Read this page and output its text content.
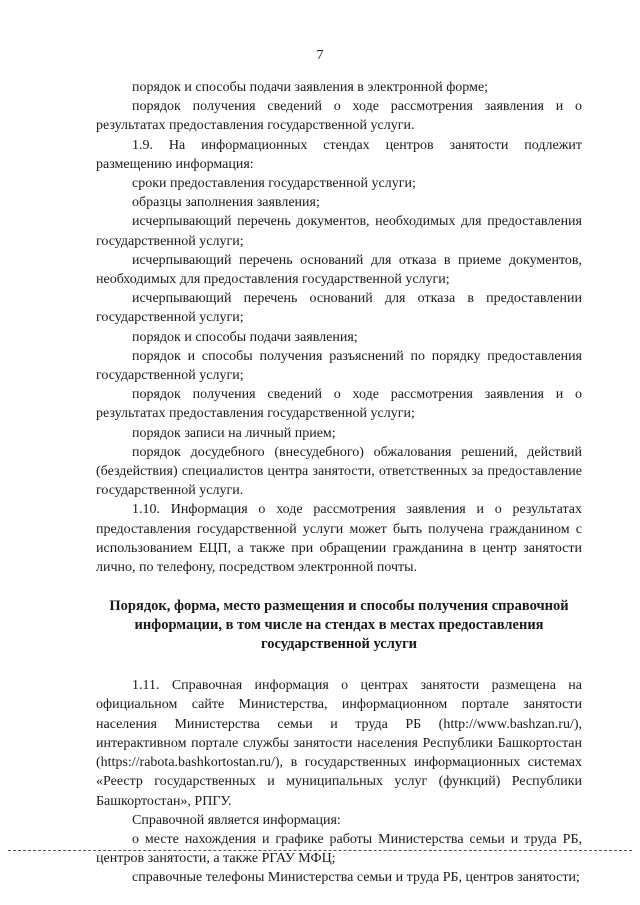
7

порядок и способы подачи заявления в электронной форме;

порядок получения сведений о ходе рассмотрения заявления и о результатах предоставления государственной услуги.

1.9. На информационных стендах центров занятости подлежит размещению информация:

сроки предоставления государственной услуги;

образцы заполнения заявления;

исчерпывающий перечень документов, необходимых для предоставления государственной услуги;

исчерпывающий перечень оснований для отказа в приеме документов, необходимых для предоставления государственной услуги;

исчерпывающий перечень оснований для отказа в предоставлении государственной услуги;

порядок и способы подачи заявления;

порядок и способы получения разъяснений по порядку предоставления государственной услуги;

порядок получения сведений о ходе рассмотрения заявления и о результатах предоставления государственной услуги;

порядок записи на личный прием;

порядок досудебного (внесудебного) обжалования решений, действий (бездействия) специалистов центра занятости, ответственных за предоставление государственной услуги.

1.10. Информация о ходе рассмотрения заявления и о результатах предоставления государственной услуги может быть получена гражданином с использованием ЕЦП, а также при обращении гражданина в центр занятости лично, по телефону, посредством электронной почты.

Порядок, форма, место размещения и способы получения справочной
информации, в том числе на стендах в местах предоставления
государственной услуги

1.11. Справочная информация о центрах занятости размещена на официальном сайте Министерства, информационном портале занятости населения Министерства семьи и труда РБ (http://www.bashzan.ru/), интерактивном портале службы занятости населения Республики Башкортостан (https://rabota.bashkortostan.ru/), в государственных информационных системах «Реестр государственных и муниципальных услуг (функций) Республики Башкортостан», РПГУ.

Справочной является информация:

о месте нахождения и графике работы Министерства семьи и труда РБ, центров занятости, а также РГАУ МФЦ;

справочные телефоны Министерства семьи и труда РБ, центров занятости;
